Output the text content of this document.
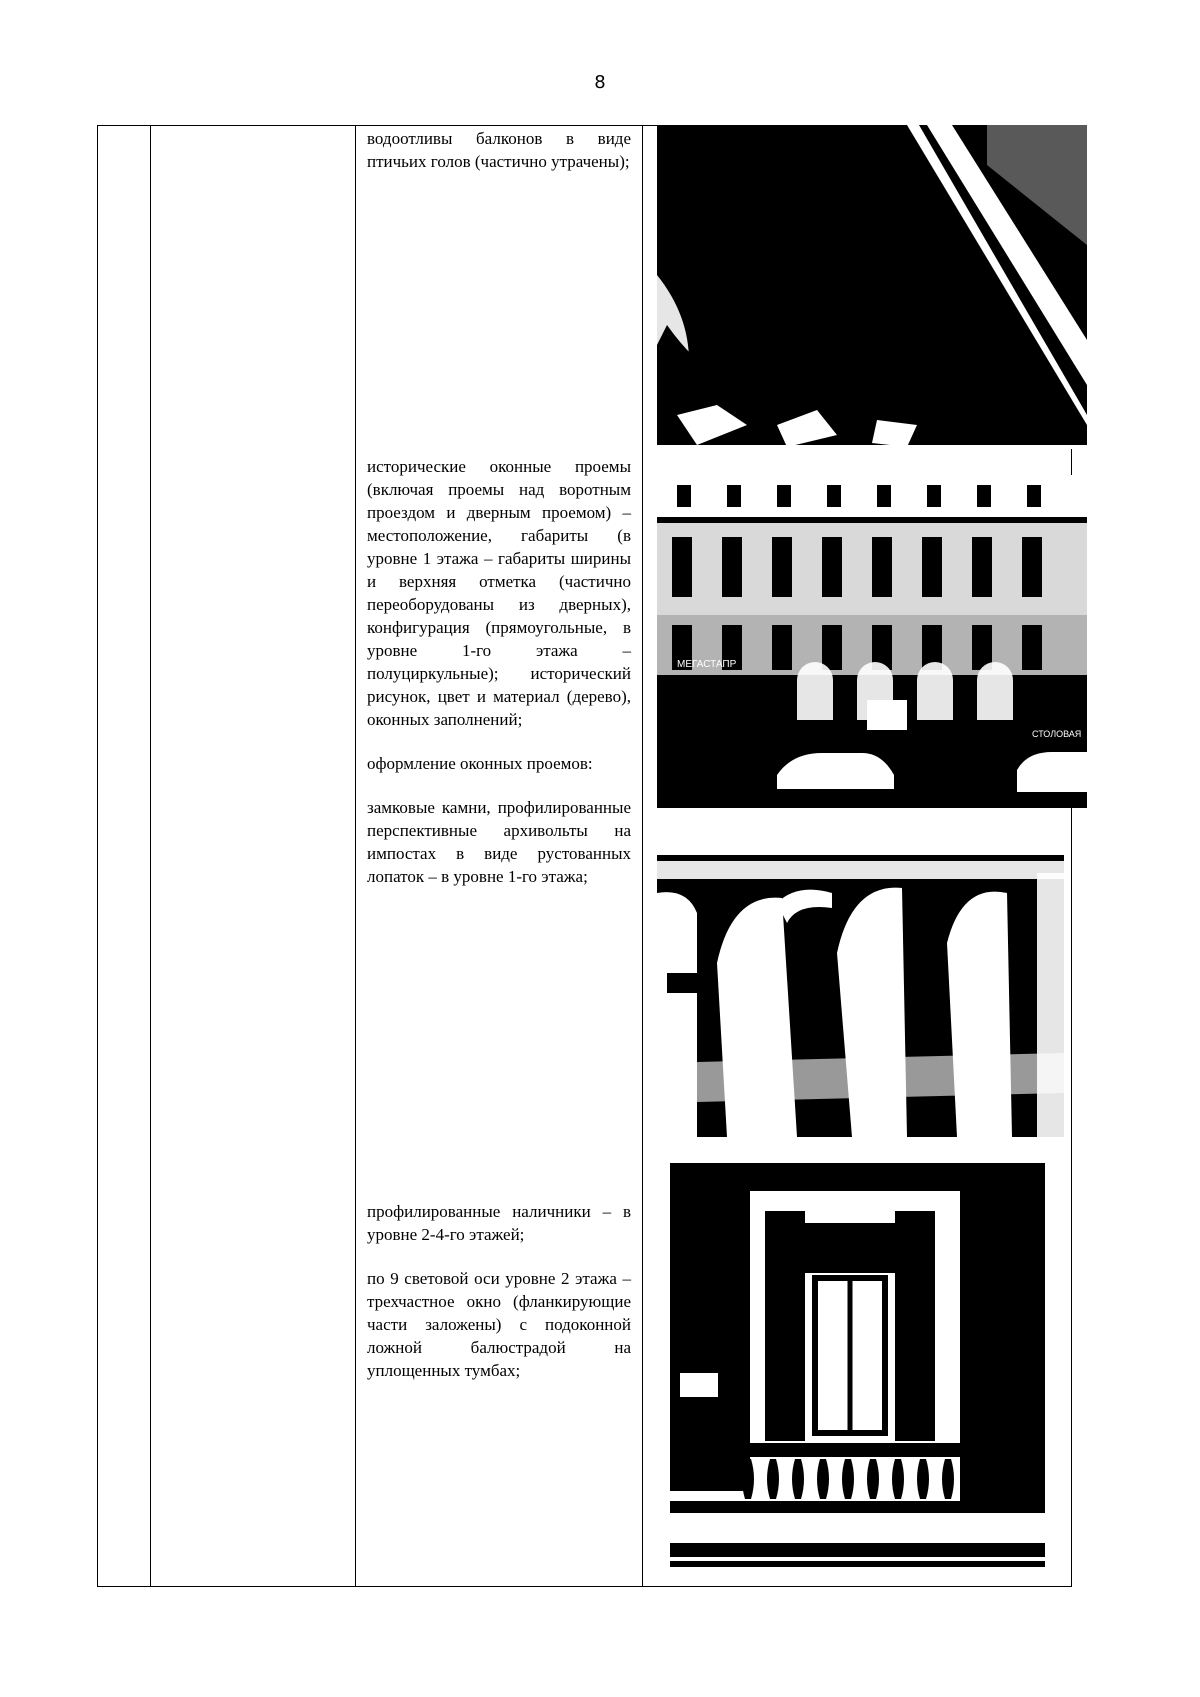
8

водоотливы балконов в виде птичьих голов (частично утрачены);

исторические оконные проемы (включая проемы над воротным проездом и дверным проемом) – местоположение, габариты (в уровне 1 этажа – габариты ширины и верхняя отметка (частично переоборудованы из дверных), конфигурация (прямоугольные, в уровне 1-го этажа – полуциркульные); исторический рисунок, цвет и материал (дерево), оконных заполнений;

оформление оконных проемов:

замковые камни, профилированные перспективные архивольты на импостах в виде рустованных лопаток – в уровне 1-го этажа;

профилированные наличники – в уровне 2-4-го этажей;

по 9 световой оси уровне 2 этажа – трехчастное окно (фланкирующие части заложены) с подоконной ложной балюстрадой на уплощенных тумбах;

МЕГАСТАПР
СТОЛОВАЯ
